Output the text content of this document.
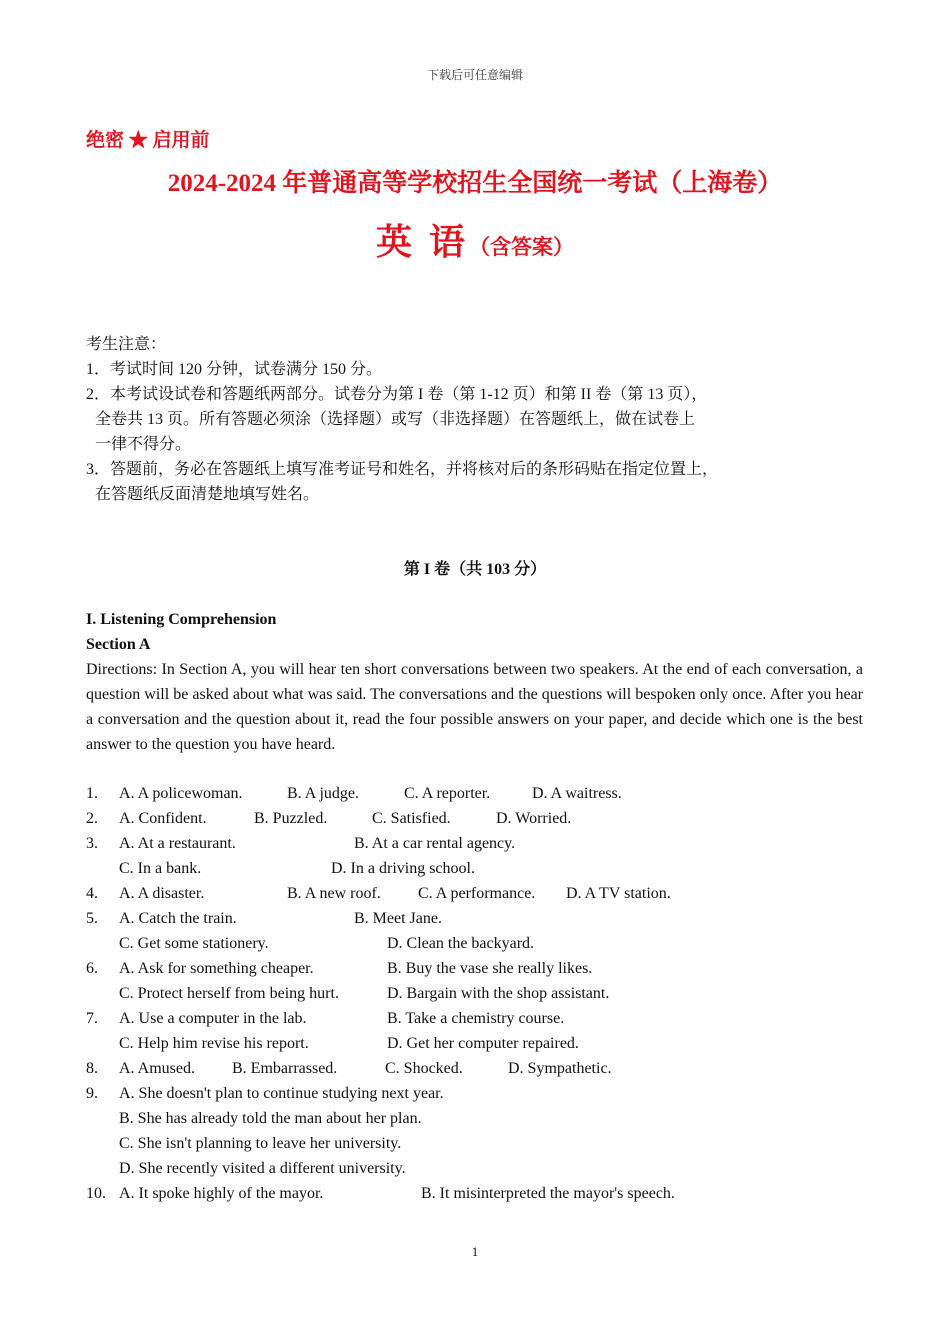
下载后可任意编辑
绝密 ★ 启用前
2024-2024 年普通高等学校招生全国统一考试（上海卷）
英 语（含答案）
考生注意：
1．考试时间 120 分钟，试卷满分 150 分。
2．本考试设试卷和答题纸两部分。试卷分为第 I 卷（第 1-12 页）和第 II 卷（第 13 页），
全卷共 13 页。所有答题必须涂（选择题）或写（非选择题）在答题纸上，做在试卷上
一律不得分。
3．答题前，务必在答题纸上填写准考证号和姓名，并将核对后的条形码贴在指定位置上，
在答题纸反面清楚地填写姓名。
第 I 卷（共 103 分）
I. Listening Comprehension
Section A
Directions: In Section A, you will hear ten short conversations between two speakers. At the end of each conversation, a question will be asked about what was said. The conversations and the questions will bespoken only once. After you hear a conversation and the question about it, read the four possible answers on your paper, and decide which one is the best answer to the question you have heard.
1. A. A policewoman.	B. A judge.	C. A reporter.	D. A waitress.
2. A. Confident.	B. Puzzled.	C. Satisfied.	D. Worried.
3. A. At a restaurant.	B. At a car rental agency.
C. In a bank.	D. In a driving school.
4. A. A disaster.	B. A new roof. C. A performance. D. A TV station.
5. A. Catch the train.	B. Meet Jane.
C. Get some stationery.	D. Clean the backyard.
6. A. Ask for something cheaper.	B. Buy the vase she really likes.
C. Protect herself from being hurt.	D. Bargain with the shop assistant.
7. A. Use a computer in the lab.	B. Take a chemistry course.
C. Help him revise his report.	D. Get her computer repaired.
8. A. Amused. B. Embarrassed.	C. Shocked.	D. Sympathetic.
9. A. She doesn't plan to continue studying next year.
B. She has already told the man about her plan.
C. She isn't planning to leave her university.
D. She recently visited a different university.
10. A. It spoke highly of the mayor.	B. It misinterpreted the mayor's speech.
1
